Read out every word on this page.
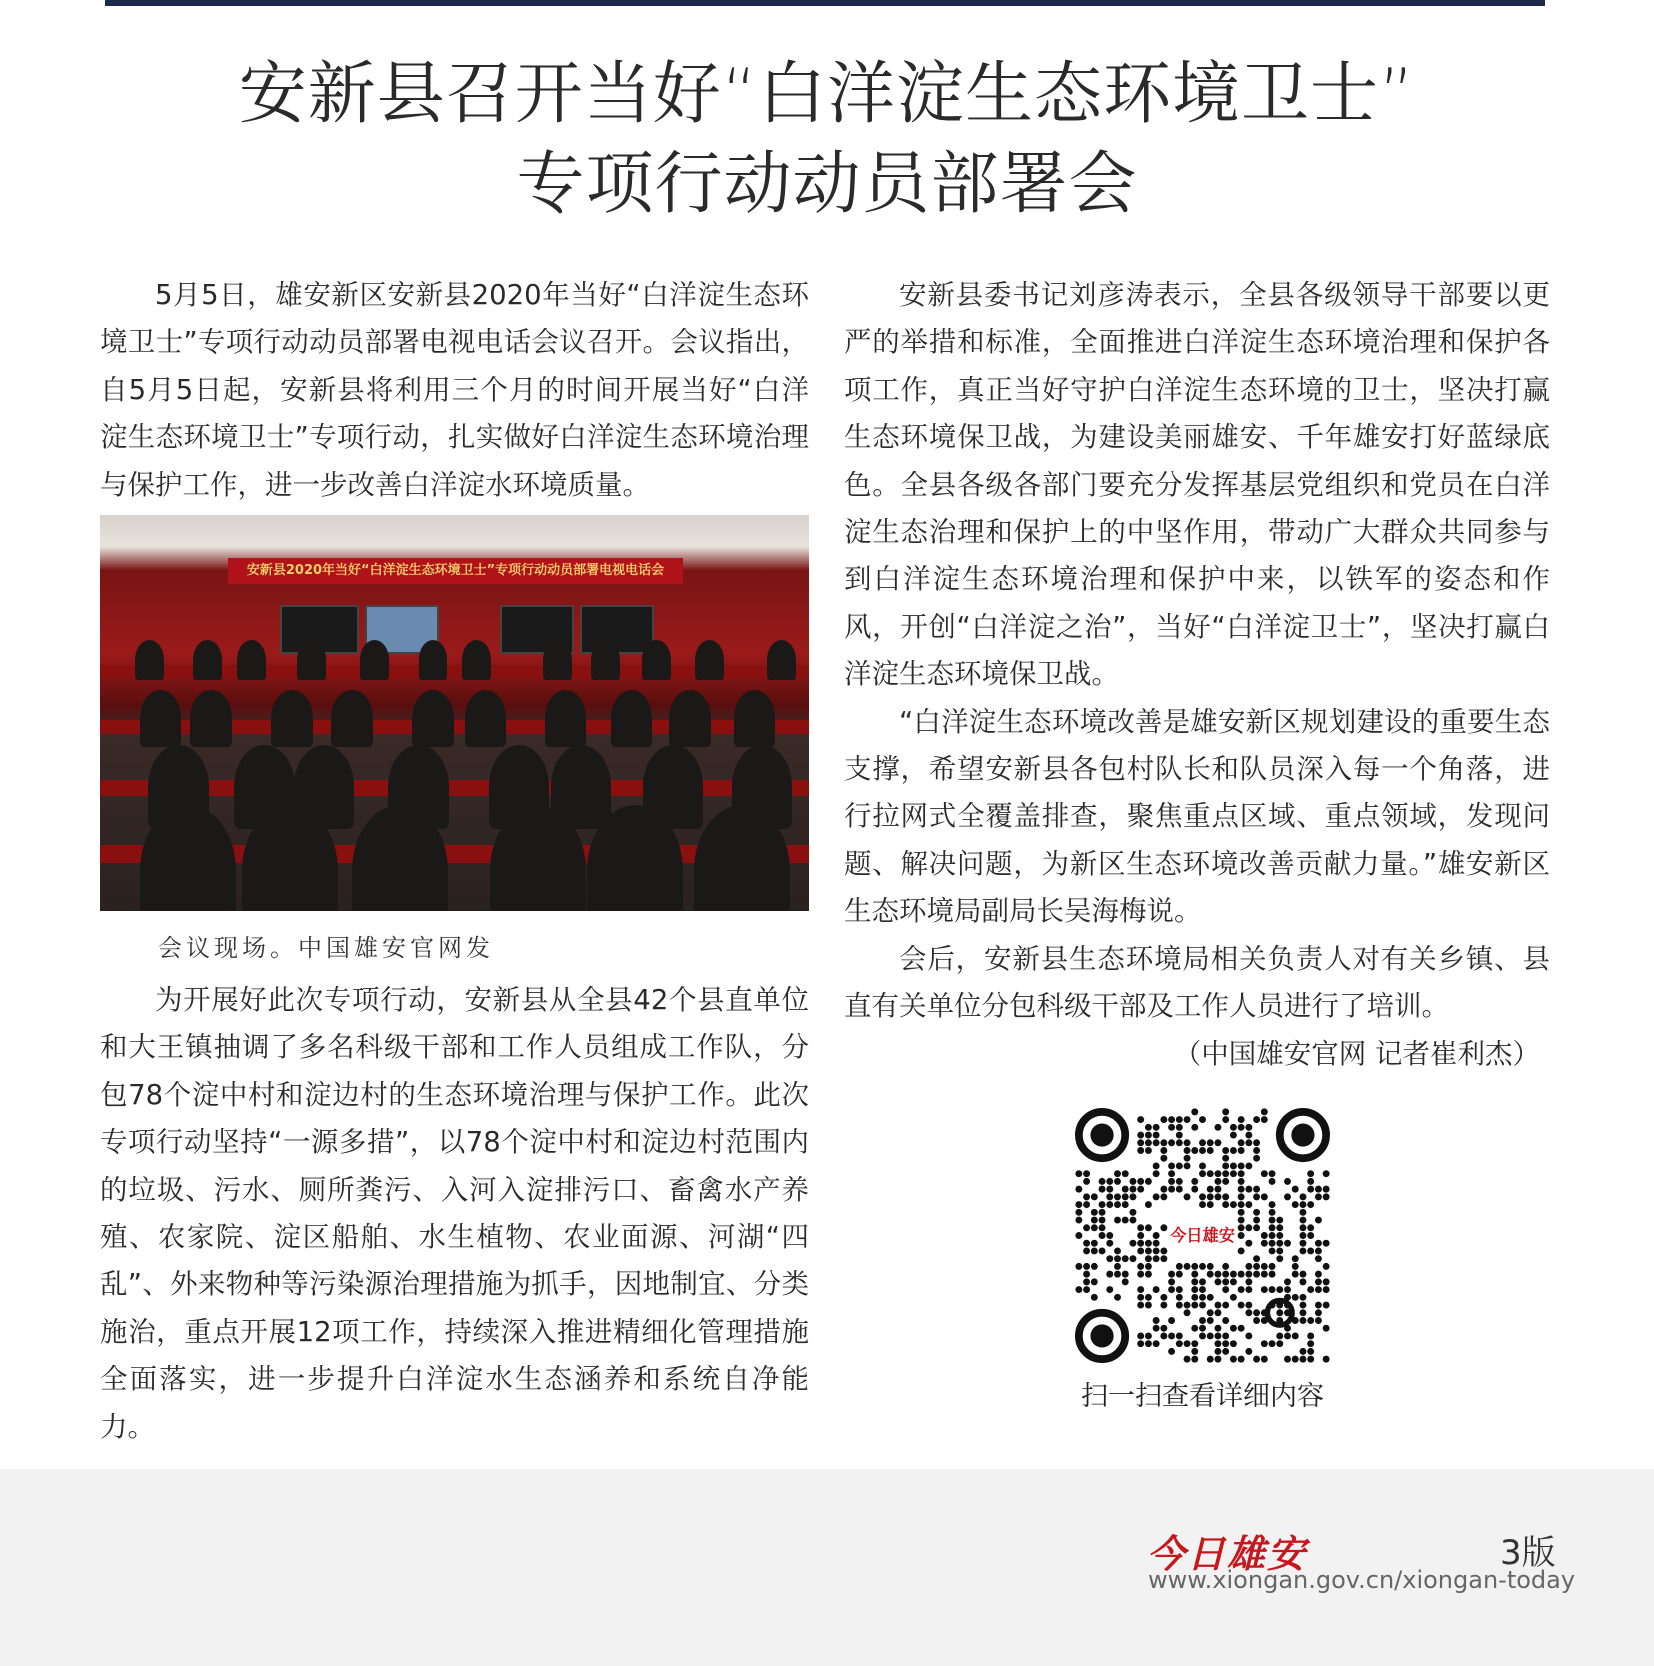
安新县召开当好“白洋淀生态环境卫士”
专项行动动员部署会

5月5日，雄安新区安新县2020年当好“白洋淀生态环境卫士”专项行动动员部署电视电话会议召开。会议指出，自5月5日起，安新县将利用三个月的时间开展当好“白洋淀生态环境卫士”专项行动，扎实做好白洋淀生态环境治理与保护工作，进一步改善白洋淀水环境质量。

安新县2020年当好“白洋淀生态环境卫士”专项行动动员部署电视电话会
会议现场。中国雄安官网发

为开展好此次专项行动，安新县从全县42个县直单位和大王镇抽调了多名科级干部和工作人员组成工作队，分包78个淀中村和淀边村的生态环境治理与保护工作。此次专项行动坚持“一源多措”，以78个淀中村和淀边村范围内的垃圾、污水、厕所粪污、入河入淀排污口、畜禽水产养殖、农家院、淀区船舶、水生植物、农业面源、河湖“四乱”、外来物种等污染源治理措施为抓手，因地制宜、分类施治，重点开展12项工作，持续深入推进精细化管理措施全面落实，进一步提升白洋淀水生态涵养和系统自净能力。

安新县委书记刘彦涛表示，全县各级领导干部要以更严的举措和标准，全面推进白洋淀生态环境治理和保护各项工作，真正当好守护白洋淀生态环境的卫士，坚决打赢生态环境保卫战，为建设美丽雄安、千年雄安打好蓝绿底色。全县各级各部门要充分发挥基层党组织和党员在白洋淀生态治理和保护上的中坚作用，带动广大群众共同参与到白洋淀生态环境治理和保护中来，以铁军的姿态和作风，开创“白洋淀之治”，当好“白洋淀卫士”，坚决打赢白洋淀生态环境保卫战。

“白洋淀生态环境改善是雄安新区规划建设的重要生态支撑，希望安新县各包村队长和队员深入每一个角落，进行拉网式全覆盖排查，聚焦重点区域、重点领域，发现问题、解决问题，为新区生态环境改善贡献力量。”雄安新区生态环境局副局长吴海梅说。

会后，安新县生态环境局相关负责人对有关乡镇、县直有关单位分包科级干部及工作人员进行了培训。

（中国雄安官网 记者崔利杰）

今日雄安
扫一扫查看详细内容
今日雄安	3版
www.xiongan.gov.cn/xiongan-today
